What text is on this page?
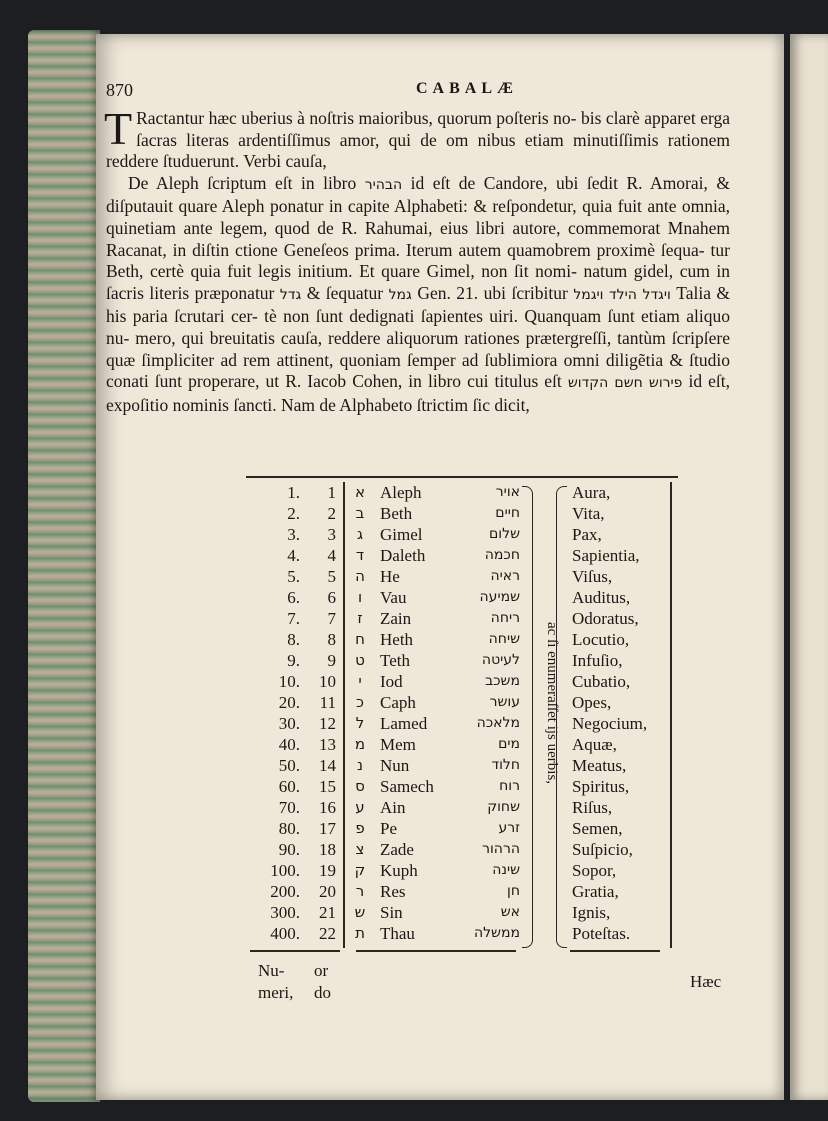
870	CABALÆ

T Ractantur hæc uberius à noſtris maioribus, quorum poſteris no- bis clarè apparet erga ſacras literas ardentiſſimus amor, qui de om nibus etiam minutiſſimis rationem reddere ſtuduerunt. Verbi cauſa,

De Aleph ſcriptum eſt in libro הבהיר id eſt de Candore, ubi ſedit R. Amorai, & diſputauit quare Aleph ponatur in capite Alphabeti: & reſpondetur, quia fuit ante omnia, quinetiam ante legem, quod de R. Rahumai, eius libri autore, commemorat Mnahem Racanat, in diſtin ctione Geneſeos prima. Iterum autem quamobrem proximè ſequa- tur Beth, certè quia fuit legis initium. Et quare Gimel, non ſit nomi- natum gidel, cum in ſacris literis præponatur גדל & ſequatur גמל Gen. 21. ubi ſcribitur ויגדל הילד ויגמל Talia & his paria ſcrutari cer- tè non ſunt dedignati ſapientes uiri. Quanquam ſunt etiam aliquo nu- mero, qui breuitatis cauſa, reddere aliquorum rationes prætergreſſi, tantùm ſcripſere quæ ſimpliciter ad rem attinent, quoniam ſemper ad ſublimiora omni diligẽtia & ſtudio conati ſunt properare, ut R. Iacob Cohen, in libro cui titulus eſt פירוש חשם הקדוש id eſt, expoſitio nominis ſancti. Nam de Alphabeto ſtrictim ſic dicit,

1.
2.
3.
4.
5.
6.
7.
8.
9.
10.
20.
30.
40.
50.
60.
70.
80.
90.
100.
200.
300.
400.
1
2
3
4
5
6
7
8
9
10
11
12
13
14
15
16
17
18
19
20
21
22
א
ב
ג
ד
ה
ו
ז
ח
ט
י
כ
ל
מ
נ
ס
ע
פ
צ
ק
ר
ש
ת
Aleph
Beth
Gimel
Daleth
He
Vau
Zain
Heth
Teth
Iod
Caph
Lamed
Mem
Nun
Samech
Ain
Pe
Zade
Kuph
Res
Sin
Thau
אויר
חיים
שלום
חכמה
ראיה
שמיעה
ריחה
שיחה
לעיטה
משכב
עושר
מלאכה
מים
חלוד
רוח
שחוק
זרע
הרהור
שינה
חן
אש
ממשלה
ac ſi enumeraſſet ijs uerbis,
Aura,
Vita,
Pax,
Sapientia,
Viſus,
Auditus,
Odoratus,
Locutio,
Infuſio,
Cubatio,
Opes,
Negocium,
Aquæ,
Meatus,
Spiritus,
Riſus,
Semen,
Suſpicio,
Sopor,
Gratia,
Ignis,
Poteſtas.
Nu-
meri,
or
do
Hæc
